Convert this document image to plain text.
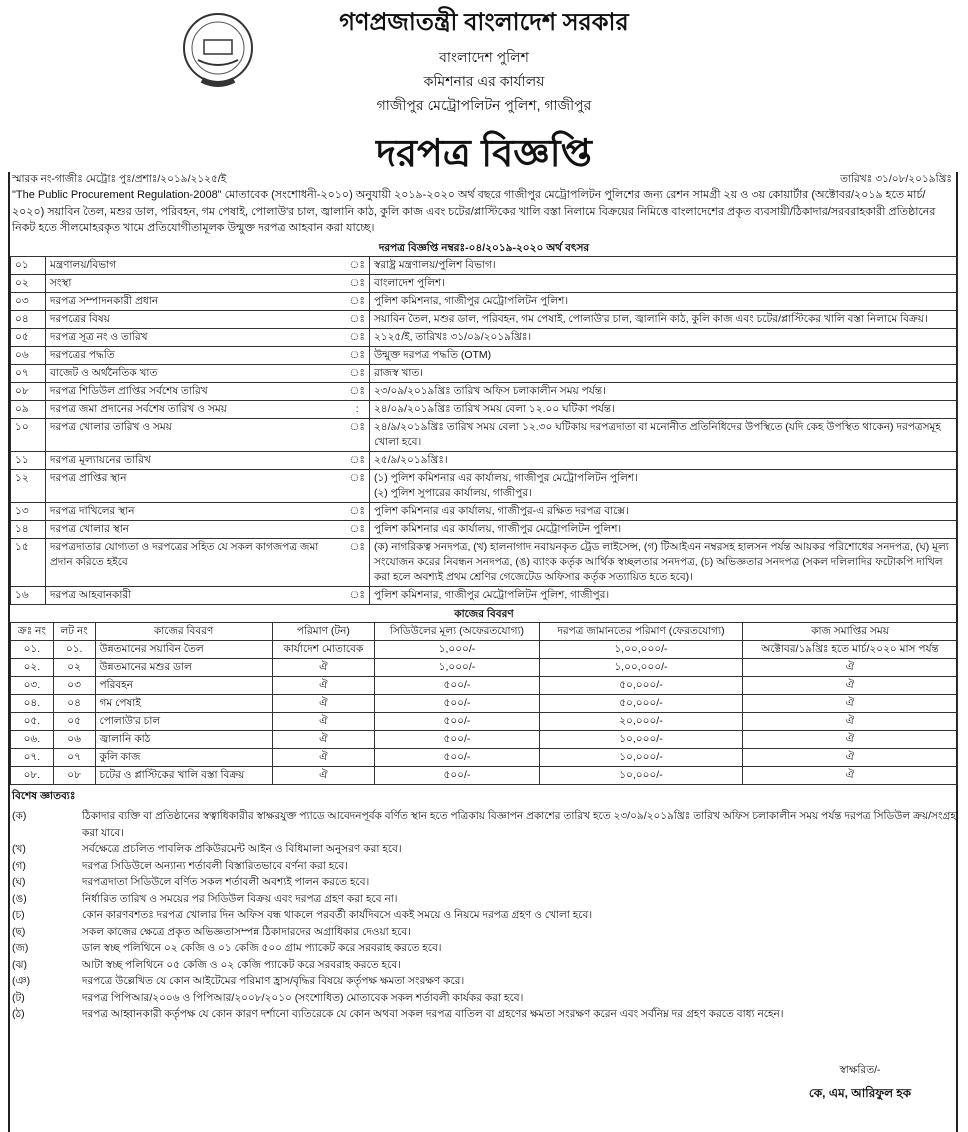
গণপ্রজাতন্ত্রী বাংলাদেশ সরকার
বাংলাদেশ পুলিশ
কমিশনার এর কার্যালয়
গাজীপুর মেট্রোপলিটন পুলিশ, গাজীপুর
দরপত্র বিজ্ঞপ্তি
স্মারক নং-গাজীঃ মেট্রোঃ পুঃ/প্রশাঃ/২০১৯/২১২৫/ই	তারিখঃ ৩১/০৮/২০১৯খ্রিঃ
"The Public Procurement Regulation-2008" মোতাবেক (সংশোধনী-২০১০) অনুযায়ী ২০১৯-২০২০ অর্থ বছরে গাজীপুর মেট্রোপলিটন পুলিশের জন্য রেশন সামগ্রী ২য় ও ৩য় কোয়ার্টার (অক্টোবর/২০১৯ হতে মার্চ/২০২০) সয়াবিন তৈল, মশুর ডাল, পরিবহন, গম পেষাই, পোলাউ'র চাল, জ্বালানি কাঠ, কুলি কাজ এবং চটের/প্লাস্টিকের খালি বস্তা নিলামে বিক্রয়ের নিমিত্তে বাংলাদেশের প্রকৃত ব্যবসায়ী/ঠিকাদার/সরবরাহকারী প্রতিষ্ঠানের নিকট হতে সীলমোহরকৃত খামে প্রতিযোগীতামূলক উন্মুক্ত দরপত্র আহবান করা যাচ্ছে।
দরপত্র বিজ্ঞপ্তি নম্বরঃ-০৪/২০১৯-২০২০ অর্থ বৎসর
০১	মন্ত্রণালয়/বিভাগ	ঃ	স্বরাষ্ট্র মন্ত্রণালয়/পুলিশ বিভাগ।
০২	সংস্থা	ঃ	বাংলাদেশ পুলিশ।
০৩	দরপত্র সম্পাদনকারী প্রধান	ঃ	পুলিশ কমিশনার, গাজীপুর মেট্রোপলিটন পুলিশ।
০৪	দরপত্রের বিষয়	ঃ	সয়াবিন তৈল, মশুর ডাল, পরিবহন, গম পেষাই, পোলাউ'র চাল, জ্বালানি কাঠ, কুলি কাজ এবং চটের/প্লাস্টিকের খালি বস্তা নিলামে বিক্রয়।
০৫	দরপত্র সূত্র নং ও তারিখ	ঃ	২১২৫/ই, তারিখঃ ৩১/০৯/২০১৯খ্রিঃ।
০৬	দরপত্রের পদ্ধতি	ঃ	উন্মুক্ত দরপত্র পদ্ধতি (OTM)
০৭	বাজেট ও অর্থনৈতিক খাত	ঃ	রাজস্ব খাত।
০৮	দরপত্র শিডিউল প্রাপ্তির সর্বশেষ তারিখ	ঃ	২৩/০৯/২০১৯খ্রিঃ তারিখ অফিস চলাকালীন সময় পর্যন্ত।
০৯	দরপত্র জমা প্রদানের সর্বশেষ তারিখ ও সময়	:	২৪/০৯/২০১৯খ্রিঃ তারিখ সময় বেলা ১২.০০ ঘটিকা পর্যন্ত।
১০	দরপত্র খোলার তারিখ ও সময়	ঃ	২৪/৯/২০১৯খ্রিঃ তারিখ সময় বেলা ১২.৩০ ঘটিকায় দরপত্রদাতা বা মনোনীত প্রতিনিধিদের উপস্থিতে (যদি কেহ উপস্থিত থাকেন) দরপত্রসমূহ খোলা হবে।
১১	দরপত্র মূল্যায়নের তারিখ	ঃ	২৫/৯/২০১৯খ্রিঃ।
১২	দরপত্র প্রাপ্তির স্থান	ঃ	(১) পুলিশ কমিশনার এর কার্যালয়, গাজীপুর মেট্রোপলিটন পুলিশ।
(২) পুলিশ সুপারের কার্যালয়, গাজীপুর।
১৩	দরপত্র দাখিলের স্থান	ঃ	পুলিশ কমিশনার এর কার্যালয়, গাজীপুর-এ রক্ষিত দরপত্র বাক্সে।
১৪	দরপত্র খোলার স্থান	ঃ	পুলিশ কমিশনার এর কার্যালয়, গাজীপুর মেট্রোপলিটন পুলিশ।
১৫	দরপত্রদাতার যোগ্যতা ও দরপত্রের সহিত যে সকল কাগজপত্র জমা প্রদান করিতে হইবে	ঃ	(ক) নাগরিকত্ব সনদপত্র, (খ) হালনাগাদ নবায়নকৃত ট্রেড লাইসেন্স, (গ) টিআইএন নম্বরসহ হালসন পর্যন্ত আয়কর পরিশোধের সনদপত্র, (ঘ) মূল্য সংযোজন করের নিবন্ধন সনদপত্র, (ঙ) ব্যাংক কর্তৃক আর্থিক স্বচ্ছলতার সনদপত্র, (চ) অভিজ্ঞতার সনদপত্র (সকল দলিলাদির ফটোকপি দাখিল করা হলে অবশ্যই প্রথম শ্রেণির গেজেটেড অফিসার কর্তৃক সত্যায়িত হতে হবে)।
১৬	দরপত্র আহবানকারী	ঃ	পুলিশ কমিশনার, গাজীপুর মেট্রোপলিটন পুলিশ, গাজীপুর।
কাজের বিবরণ
ক্রঃ নং	লট নং	কাজের বিবরণ	পরিমাণ (টন)	সিডিউলের মূল্য (অফেরতযোগ্য)	দরপত্র জামানতের পরিমাণ (ফেরতযোগ্য)	কাজ সমাপ্তির সময়
০১.	০১.	উন্নতমানের সয়াবিন তৈল	কার্যাদেশ মোতাবেক	১,০০০/-	১,০০,০০০/-	অক্টোবর/১৯খ্রিঃ হতে মার্চ/২০২০ মাস পর্যন্ত
০২.	০২	উন্নতমানের মশুর ডাল	ঐ	১,০০০/-	১,০০,০০০/-	ঐ
০৩.	০৩	পরিবহন	ঐ	৫০০/-	৫০,০০০/-	ঐ
০৪.	০৪	গম পেষাই	ঐ	৫০০/-	৫০,০০০/-	ঐ
০৫.	০৫	পোলাউ'র চাল	ঐ	৫০০/-	২০,০০০/-	ঐ
০৬.	০৬	জ্বালানি কাঠ	ঐ	৫০০/-	১০,০০০/-	ঐ
০৭.	০৭	কুলি কাজ	ঐ	৫০০/-	১০,০০০/-	ঐ
০৮.	০৮	চটের ও প্লাস্টিকের খালি বস্তা বিক্রয়	ঐ	৫০০/-	১০,০০০/-	ঐ
বিশেষ জ্ঞাতব্যঃ
(ক)	ঠিকাদার ব্যক্তি বা প্রতিষ্ঠানের স্বত্বাধিকারীর স্বাক্ষরযুক্ত প্যাডে আবেদনপূর্বক বর্ণিত স্থান হতে পত্রিকায় বিজ্ঞাপন প্রকাশের তারিখ হতে ২৩/০৯/২০১৯খ্রিঃ তারিখ অফিস চলাকালীন সময় পর্যন্ত দরপত্র সিডিউল ক্রয়/সংগ্রহ করা যাবে।
(খ)	সর্বক্ষেত্রে প্রচলিত পাবলিক প্রকিউরমেন্ট আইন ও বিধিমালা অনুসরণ করা হবে।
(গ)	দরপত্র সিডিউলে অন্যান্য শর্তাবলী বিস্তারিতভাবে বর্ণনা করা হবে।
(ঘ)	দরপত্রদাতা সিডিউলে বর্ণিত সকল শর্তাবলী অবশ্যই পালন করতে হবে।
(ঙ)	নির্ধারিত তারিখ ও সময়ের পর সিডিউল বিক্রয় এবং দরপত্র গ্রহণ করা হবে না।
(চ)	কোন কারণবশতঃ দরপত্র খোলার দিন অফিস বন্ধ থাকলে পরবর্তী কার্যদিবসে একই সময়ে ও নিয়মে দরপত্র গ্রহণ ও খোলা হবে।
(ছ)	সকল কাজের ক্ষেত্রে প্রকৃত অভিজ্ঞতাসম্পন্ন ঠিকাদারদের অগ্রাধিকার দেওয়া হবে।
(জ)	ডাল স্বচ্ছ পলিথিনে ০২ কেজি ও ০১ কেজি ৫০০ গ্রাম প্যাকেট করে সরবরাহ করতে হবে।
(ঝ)	আটা স্বচ্ছ পলিথিনে ০৫ কেজি ও ০২ কেজি প্যাকেট করে সরবরাহ করতে হবে।
(ঞ)	দরপত্রে উল্লেখিত যে কোন আইটেমের পরিমাণ হ্রাস/বৃদ্ধির বিষয়ে কর্তৃপক্ষ ক্ষমতা সংরক্ষণ করে।
(ট)	দরপত্র পিপিআর/২০০৬ ও পিপিআর/২০০৮/২০১০ (সংশোধিত) মোতাবেক সকল শর্তাবলী কার্যকর করা হবে।
(ঠ)	দরপত্র আহ্বানকারী কর্তৃপক্ষ যে কোন কারণ দর্শানো ব্যতিরেকে যে কোন অথবা সকল দরপত্র বাতিল বা গ্রহণের ক্ষমতা সংরক্ষণ করেন এবং সর্বনিম্ন দর গ্রহণ করতে বাধ্য নহেন।
স্বাক্ষরিত/-
কে, এম, আরিফুল হক
